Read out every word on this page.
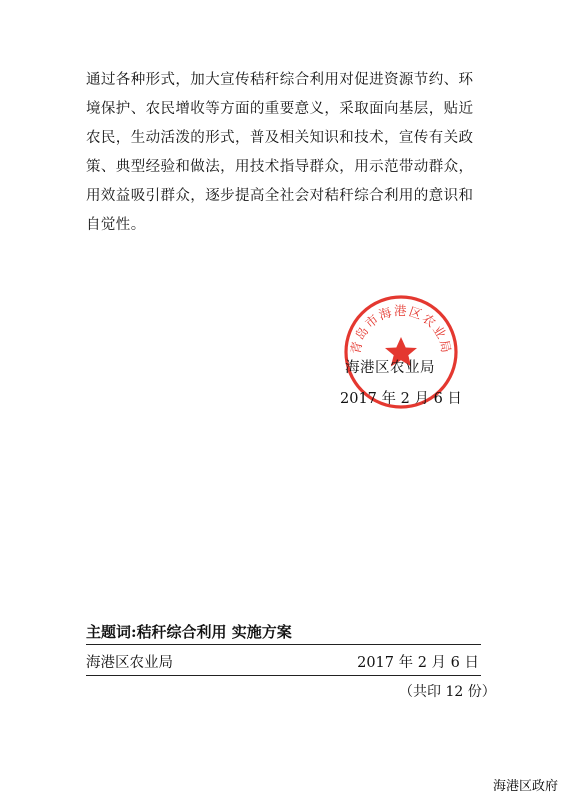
通过各种形式，加大宣传秸秆综合利用对促进资源节约、环
境保护、农民增收等方面的重要意义，采取面向基层，贴近
农民，生动活泼的形式，普及相关知识和技术，宣传有关政
策、典型经验和做法，用技术指导群众，用示范带动群众，
用效益吸引群众，逐步提高全社会对秸秆综合利用的意识和
自觉性。
青岛市海港区农业局
海港区农业局
2017 年 2 月 6 日
主题词:秸秆综合利用 实施方案
海港区农业局	2017 年 2 月 6 日
（共印 12 份）
海港区政府
